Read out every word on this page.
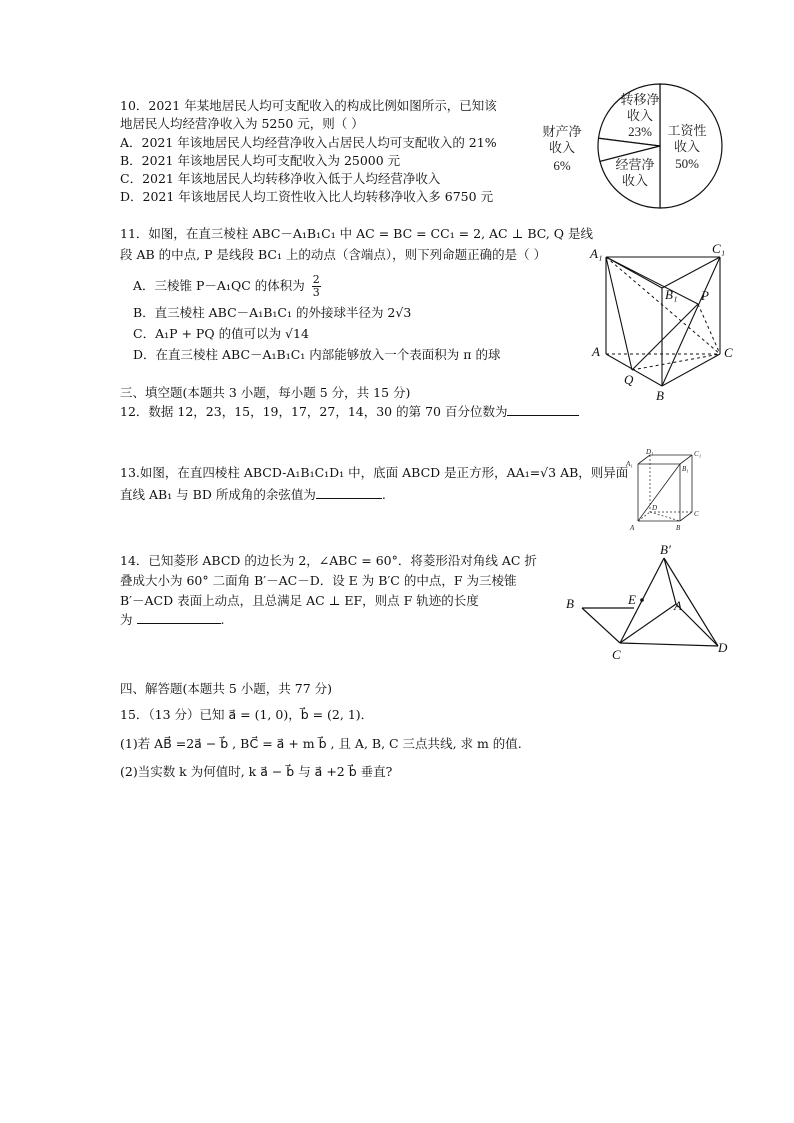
10．2021 年某地居民人均可支配收入的构成比例如图所示，已知该
地居民人均经营净收入为 5250 元，则（ ）
A．2021 年该地居民人均经营净收入占居民人均可支配收入的 21%
B．2021 年该地居民人均可支配收入为 25000 元
C．2021 年该地居民人均转移净收入低于人均经营净收入
D．2021 年该地居民人均工资性收入比人均转移净收入多 6750 元
转移净
收入
23% 工资性
收入
50%
财产净
收入
6%	经营净
收入
11．如图，在直三棱柱 ABC－A₁B₁C₁ 中 AC = BC = CC₁ = 2, AC ⊥ BC, Q 是线
段 AB 的中点, P 是线段 BC₁ 上的动点（含端点），则下列命题正确的是（ ）
A．三棱锥 P－A₁QC 的体积为 $\frac{2}{3}$
B．直三棱柱 ABC－A₁B₁C₁ 的外接球半径为 2√3
C．A₁P + PQ 的值可以为 √14
D．在直三棱柱 ABC－A₁B₁C₁ 内部能够放入一个表面积为 π 的球
A₁	C₁
B₁ P
A	C
Q
B
三、填空题(本题共 3 小题，每小题 5 分，共 15 分)
12．数据 12，23，15，19，17，27，14，30 的第 70 百分位数为
13.如图，在直四棱柱 ABCD-A₁B₁C₁D₁ 中，底面 ABCD 是正方形，AA₁=√3 AB，则异面
直线 AB₁ 与 BD 所成角的余弦值为	.
D₁	C₁
A₁
B₁
D
C
A	B
14．已知菱形 ABCD 的边长为 2，∠ABC = 60°．将菱形沿对角线 AC 折
叠成大小为 60° 二面角 B′－AC－D．设 E 为 B′C 的中点，F 为三棱锥
B′－ACD 表面上动点，且总满足 AC ⊥ EF，则点 F 轨迹的长度
为	.
B′
E	A
B
C	D
四、解答题(本题共 5 小题，共 77 分)
15．（13 分）已知 a⃗ = (1, 0)，b⃗ = (2, 1)．
(1)若 AB⃗ =2a⃗ − b⃗ , BC⃗ = a⃗ + m b⃗ , 且 A, B, C 三点共线, 求 m 的值.
(2)当实数 k 为何值时, k a⃗ − b⃗ 与 a⃗ +2 b⃗ 垂直?
